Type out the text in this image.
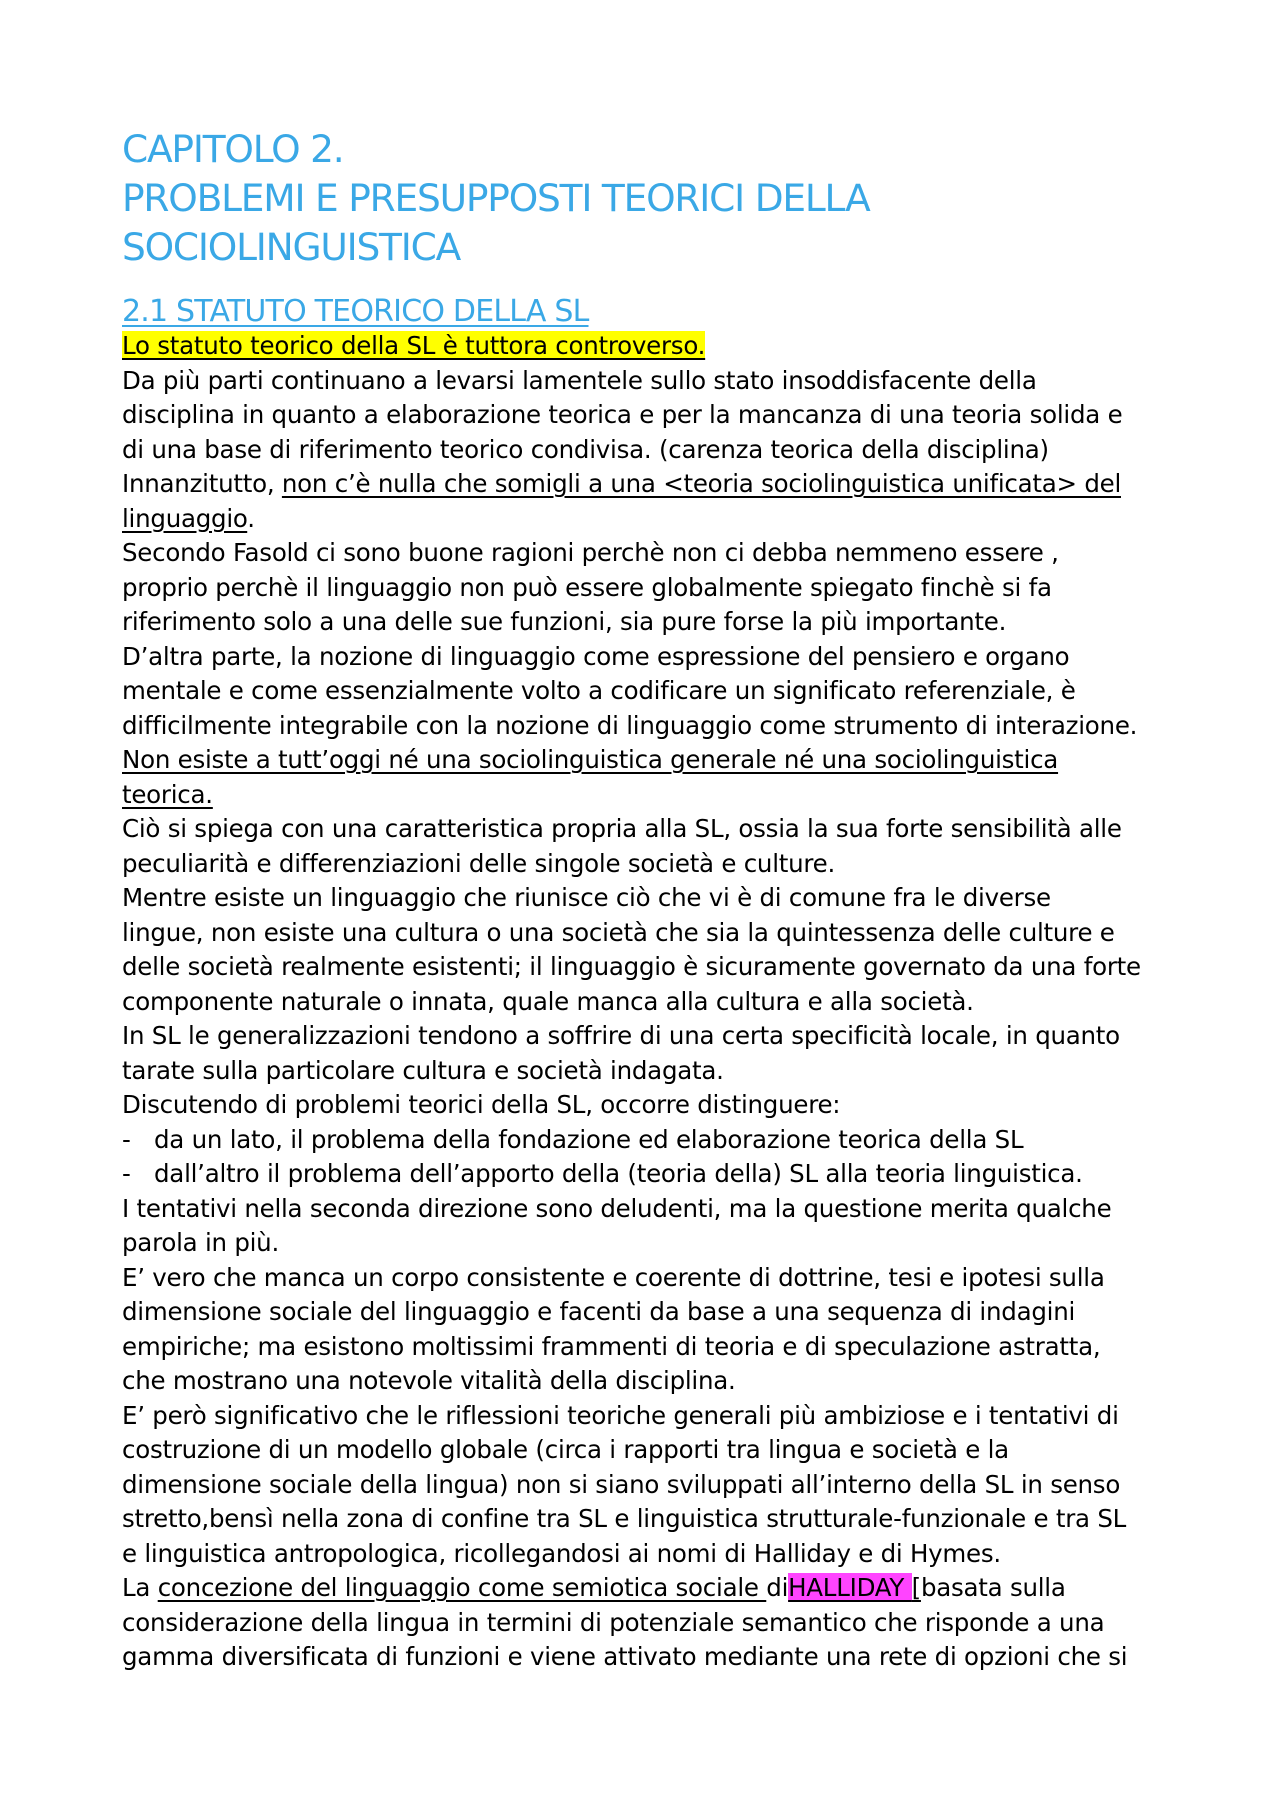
CAPITOLO 2.
PROBLEMI E PRESUPPOSTI TEORICI DELLA
SOCIOLINGUISTICA
2.1 STATUTO TEORICO DELLA SL

Lo statuto teorico della SL è tuttora controverso.

Da più parti continuano a levarsi lamentele sullo stato insoddisfacente della

disciplina in quanto a elaborazione teorica e per la mancanza di una teoria solida e

di una base di riferimento teorico condivisa. (carenza teorica della disciplina)

Innanzitutto, non c’è nulla che somigli a una <teoria sociolinguistica unificata> del

linguaggio.

Secondo Fasold ci sono buone ragioni perchè non ci debba nemmeno essere ,

proprio perchè il linguaggio non può essere globalmente spiegato finchè si fa

riferimento solo a una delle sue funzioni, sia pure forse la più importante.

D’altra parte, la nozione di linguaggio come espressione del pensiero e organo

mentale e come essenzialmente volto a codificare un significato referenziale, è

difficilmente integrabile con la nozione di linguaggio come strumento di interazione.

Non esiste a tutt’oggi né una sociolinguistica generale né una sociolinguistica

teorica.

Ciò si spiega con una caratteristica propria alla SL, ossia la sua forte sensibilità alle

peculiarità e differenziazioni delle singole società e culture.

Mentre esiste un linguaggio che riunisce ciò che vi è di comune fra le diverse

lingue, non esiste una cultura o una società che sia la quintessenza delle culture e

delle società realmente esistenti; il linguaggio è sicuramente governato da una forte

componente naturale o innata, quale manca alla cultura e alla società.

In SL le generalizzazioni tendono a soffrire di una certa specificità locale, in quanto

tarate sulla particolare cultura e società indagata.

Discutendo di problemi teorici della SL, occorre distinguere:

- da un lato, il problema della fondazione ed elaborazione teorica della SL

- dall’altro il problema dell’apporto della (teoria della) SL alla teoria linguistica.

I tentativi nella seconda direzione sono deludenti, ma la questione merita qualche

parola in più.

E’ vero che manca un corpo consistente e coerente di dottrine, tesi e ipotesi sulla

dimensione sociale del linguaggio e facenti da base a una sequenza di indagini

empiriche; ma esistono moltissimi frammenti di teoria e di speculazione astratta,

che mostrano una notevole vitalità della disciplina.

E’ però significativo che le riflessioni teoriche generali più ambiziose e i tentativi di

costruzione di un modello globale (circa i rapporti tra lingua e società e la

dimensione sociale della lingua) non si siano sviluppati all’interno della SL in senso

stretto,bensì nella zona di confine tra SL e linguistica strutturale-funzionale e tra SL

e linguistica antropologica, ricollegandosi ai nomi di Halliday e di Hymes.

La concezione del linguaggio come semiotica sociale diHALLIDAY [basata sulla

considerazione della lingua in termini di potenziale semantico che risponde a una

gamma diversificata di funzioni e viene attivato mediante una rete di opzioni che si
